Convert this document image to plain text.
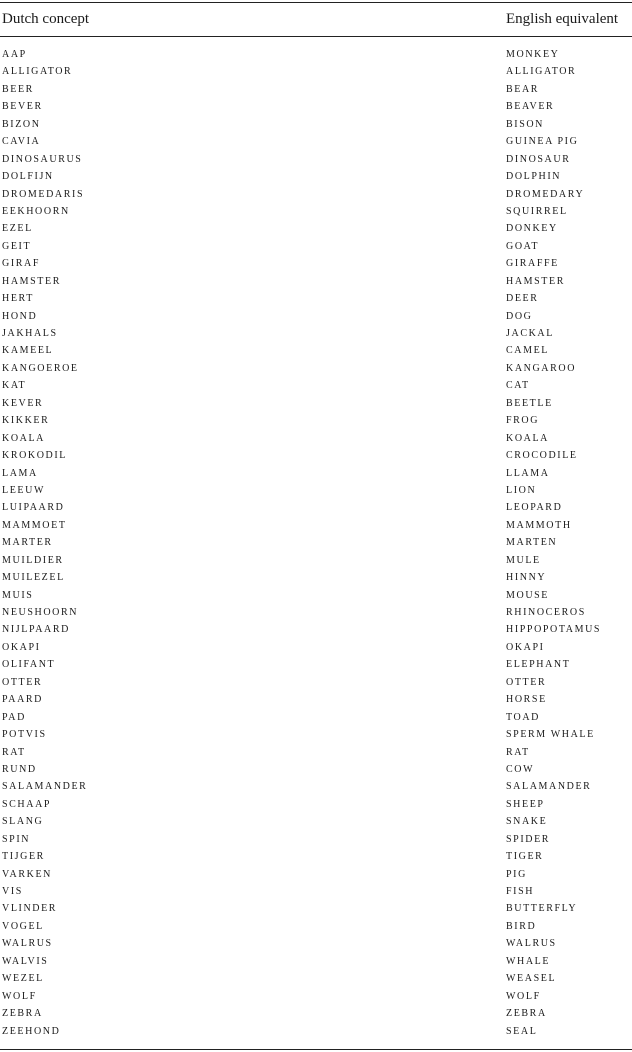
Dutch concept	English equivalent
AAP	MONKEY
ALLIGATOR	ALLIGATOR
BEER	BEAR
BEVER	BEAVER
BIZON	BISON
CAVIA	GUINEA PIG
DINOSAURUS	DINOSAUR
DOLFIJN	DOLPHIN
DROMEDARIS	DROMEDARY
EEKHOORN	SQUIRREL
EZEL	DONKEY
GEIT	GOAT
GIRAF	GIRAFFE
HAMSTER	HAMSTER
HERT	DEER
HOND	DOG
JAKHALS	JACKAL
KAMEEL	CAMEL
KANGOEROE	KANGAROO
KAT	CAT
KEVER	BEETLE
KIKKER	FROG
KOALA	KOALA
KROKODIL	CROCODILE
LAMA	LLAMA
LEEUW	LION
LUIPAARD	LEOPARD
MAMMOET	MAMMOTH
MARTER	MARTEN
MUILDIER	MULE
MUILEZEL	HINNY
MUIS	MOUSE
NEUSHOORN	RHINOCEROS
NIJLPAARD	HIPPOPOTAMUS
OKAPI	OKAPI
OLIFANT	ELEPHANT
OTTER	OTTER
PAARD	HORSE
PAD	TOAD
POTVIS	SPERM WHALE
RAT	RAT
RUND	COW
SALAMANDER	SALAMANDER
SCHAAP	SHEEP
SLANG	SNAKE
SPIN	SPIDER
TIJGER	TIGER
VARKEN	PIG
VIS	FISH
VLINDER	BUTTERFLY
VOGEL	BIRD
WALRUS	WALRUS
WALVIS	WHALE
WEZEL	WEASEL
WOLF	WOLF
ZEBRA	ZEBRA
ZEEHOND	SEAL
